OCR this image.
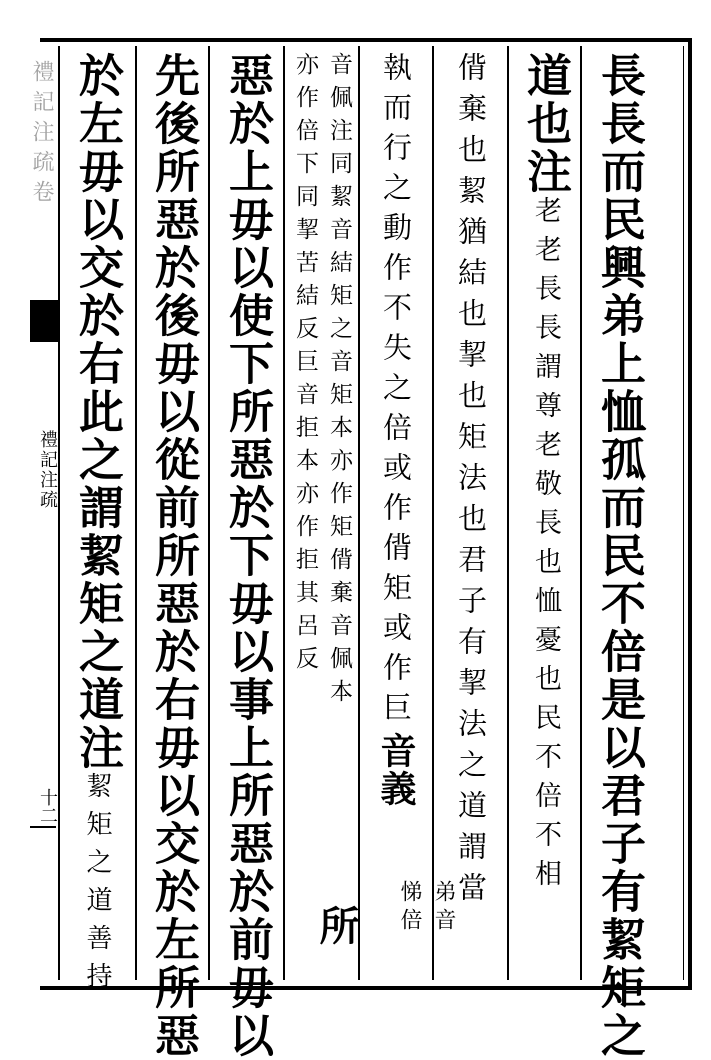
禮記注疏卷
禮記注疏
十二	長長而民興弟上恤孤而民不倍是以君子有絜矩之
道也注
老老長長謂尊老敬長也恤憂也民不倍不相
偝棄也絜猶結也挈也矩法也君子有挈法之道謂當
執而行之動作不失之倍或作偝矩或作巨
音義
弟音
悌倍
音佩注同絜音結矩之音矩本亦作矩偝棄音佩本
亦作倍下同挈苦結反巨音拒本亦作拒其呂反
所
惡於上毋以使下所惡於下毋以事上所惡於前毋以
先後所惡於後毋以從前所惡於右毋以交於左所惡
於左毋以交於右此之謂絜矩之道注
絜矩之道善持
